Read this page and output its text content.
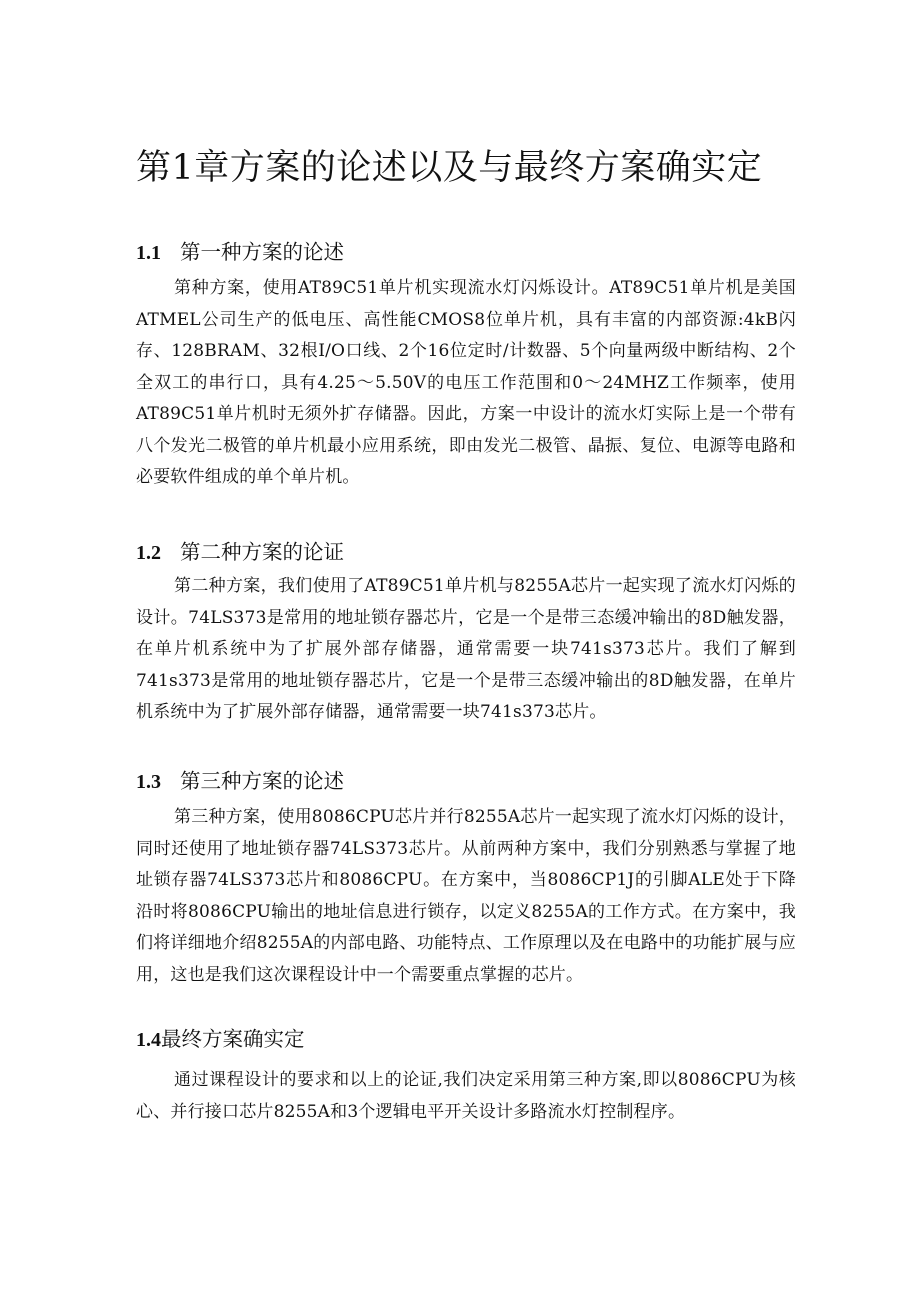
第1章方案的论述以及与最终方案确实定
1.1 第一种方案的论述

第种方案，使用AT89C51单片机实现流水灯闪烁设计。AT89C51单片机是美国ATMEL公司生产的低电压、高性能CMOS8位单片机，具有丰富的内部资源:4kB闪存、128BRAM、32根I/O口线、2个16位定时/计数器、5个向量两级中断结构、2个全双工的串行口，具有4.25～5.50V的电压工作范围和0～24MHZ工作频率，使用AT89C51单片机时无须外扩存储器。因此，方案一中设计的流水灯实际上是一个带有八个发光二极管的单片机最小应用系统，即由发光二极管、晶振、复位、电源等电路和必要软件组成的单个单片机。

1.2 第二种方案的论证

第二种方案，我们使用了AT89C51单片机与8255A芯片一起实现了流水灯闪烁的设计。74LS373是常用的地址锁存器芯片，它是一个是带三态缓冲输出的8D触发器，在单片机系统中为了扩展外部存储器，通常需要一块741s373芯片。我们了解到741s373是常用的地址锁存器芯片，它是一个是带三态缓冲输出的8D触发器，在单片机系统中为了扩展外部存储器，通常需要一块741s373芯片。

1.3 第三种方案的论述

第三种方案，使用8086CPU芯片并行8255A芯片一起实现了流水灯闪烁的设计，同时还使用了地址锁存器74LS373芯片。从前两种方案中，我们分别熟悉与掌握了地址锁存器74LS373芯片和8086CPU。在方案中，当8086CP1J的引脚ALE处于下降沿时将8086CPU输出的地址信息进行锁存，以定义8255A的工作方式。在方案中，我们将详细地介绍8255A的内部电路、功能特点、工作原理以及在电路中的功能扩展与应用，这也是我们这次课程设计中一个需要重点掌握的芯片。

1.4最终方案确实定

通过课程设计的要求和以上的论证,我们决定采用第三种方案,即以8086CPU为核心、并行接口芯片8255A和3个逻辑电平开关设计多路流水灯控制程序。
